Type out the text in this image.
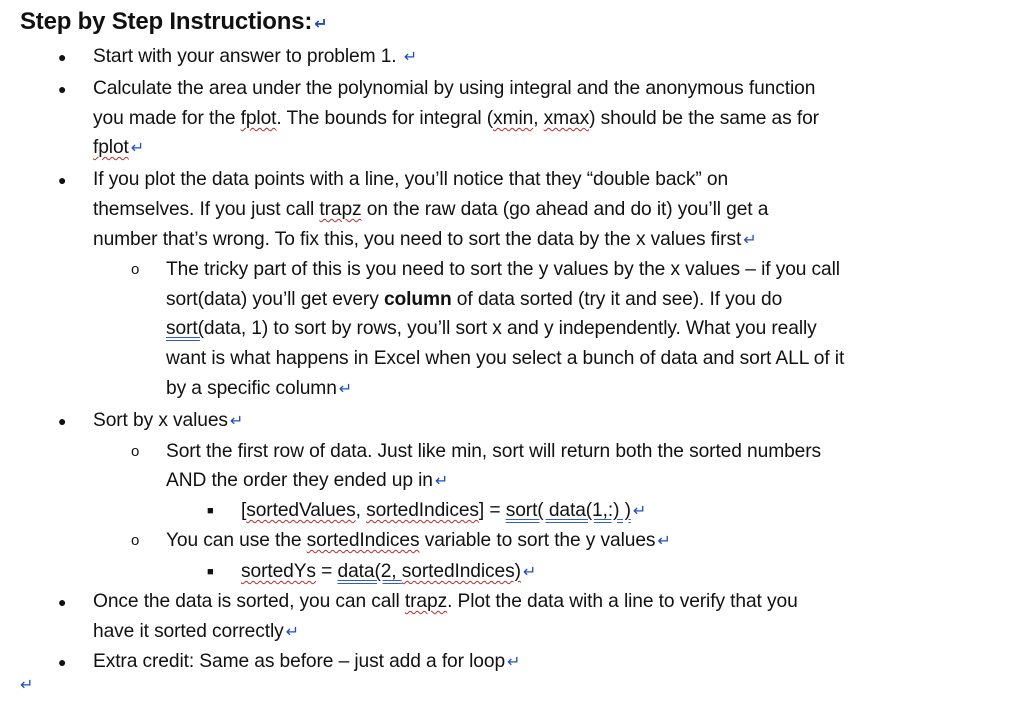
Step by Step Instructions: ↵
● Start with your answer to problem 1. ↵
● Calculate the area under the polynomial by using integral and the anonymous function
you made for the fplot. The bounds for integral (xmin, xmax) should be the same as for
fplot ↵
● If you plot the data points with a line, you’ll notice that they “double back” on
themselves. If you just call trapz on the raw data (go ahead and do it) you’ll get a
number that’s wrong. To fix this, you need to sort the data by the x values first ↵
o The tricky part of this is you need to sort the y values by the x values – if you call
sort(data) you’ll get every column of data sorted (try it and see). If you do
sort(data, 1) to sort by rows, you’ll sort x and y independently. What you really
want is what happens in Excel when you select a bunch of data and sort ALL of it
by a specific column ↵
● Sort by x values ↵
o Sort the first row of data. Just like min, sort will return both the sorted numbers
AND the order they ended up in ↵
■ [sortedValues, sortedIndices] = sort( data(1,:) ) ↵
o You can use the sortedIndices variable to sort the y values ↵
■ sortedYs = data(2, sortedIndices) ↵
● Once the data is sorted, you can call trapz. Plot the data with a line to verify that you
have it sorted correctly ↵
● Extra credit: Same as before – just add a for loop ↵
↵
